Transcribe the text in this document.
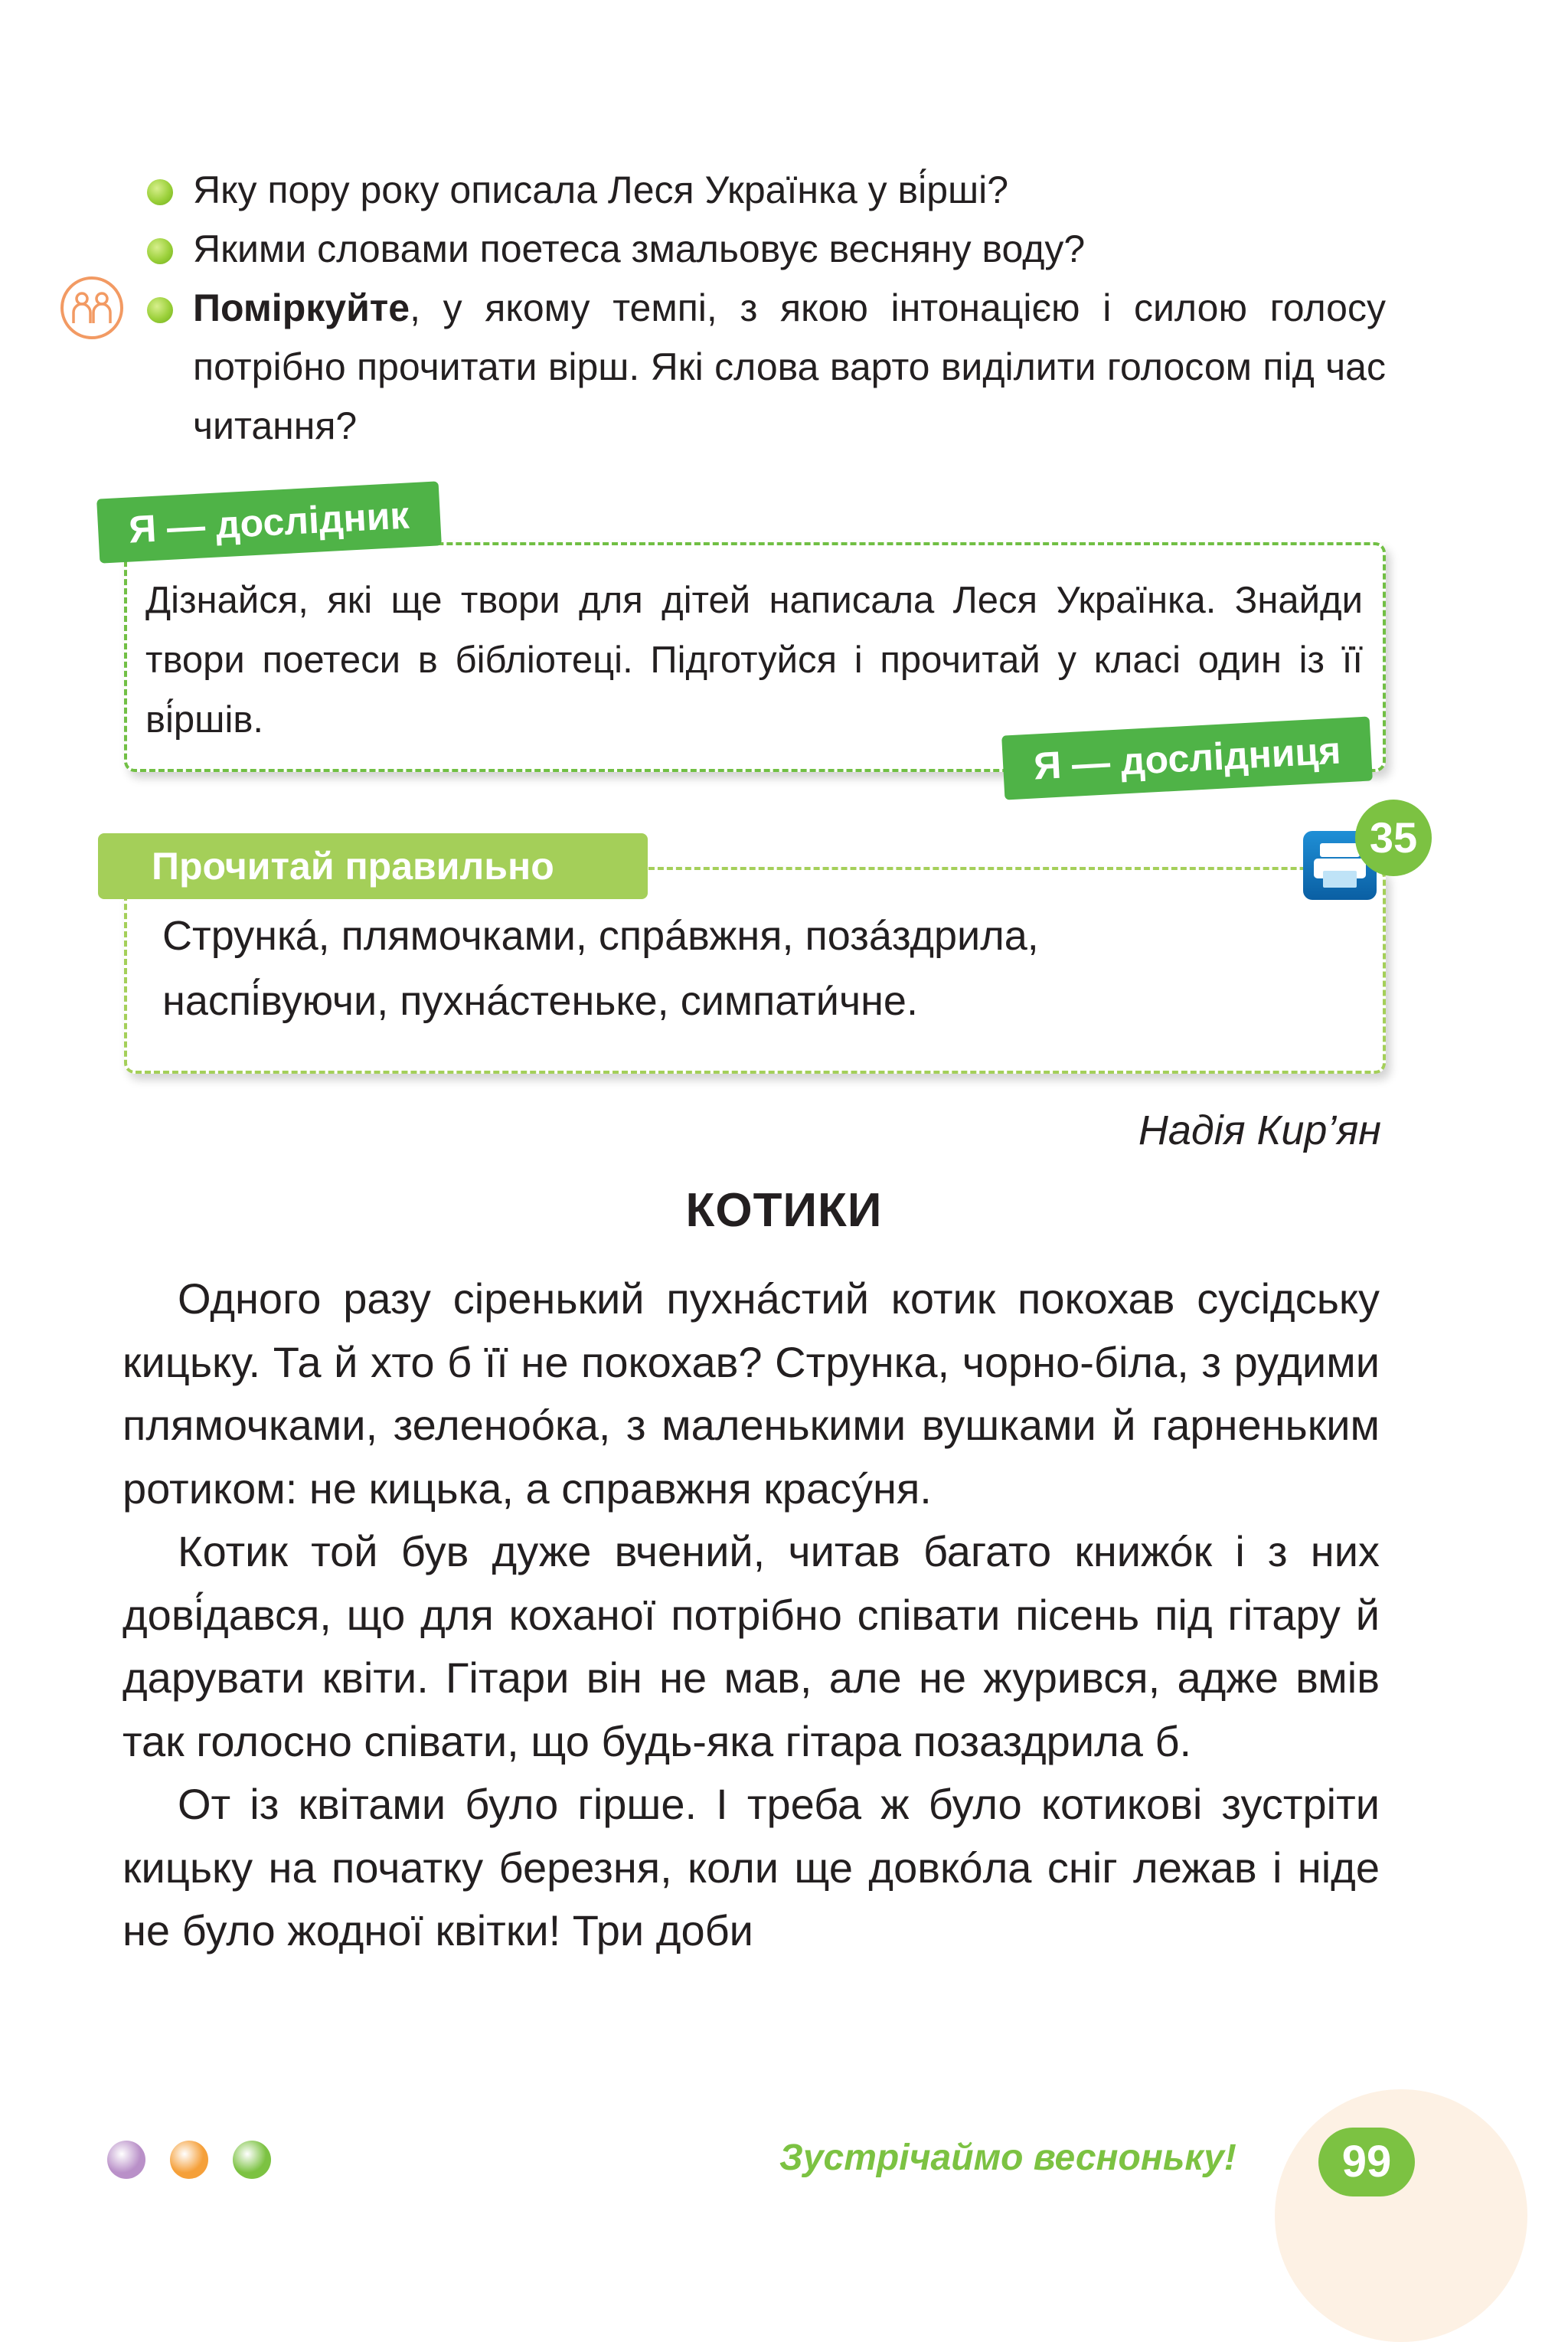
Яку пору року описала Леся Українка у ві́рші?
Якими словами поетеса змальовує весняну воду?
Поміркуйте, у якому темпі, з якою інтонацією і силою голосу потрібно прочитати вірш. Які слова варто виділити голосом під час читання?
Я — дослідник
Дізнайся, які ще твори для дітей написала Леся Українка. Знайди твори поетеси в бібліотеці. Підготуйся і прочитай у класі один із її ві́ршів.
Я — дослідниця
Прочитай правильно
Стрункá, плямочками, спрáвжня, позáздрила,
наспі́вуючи, пухнáстеньке, симпати́чне.
35
Надія Кир’ян
КОТИКИ

Одного разу сіренький пухнáстий котик покохав сусідську кицьку. Та й хто б її не покохав? Струнка, чорно-біла, з рудими плямочками, зеленоóка, з маленькими вушками й гарненьким ротиком: не кицька, а справжня красýня.

Котик той був дуже вчений, читав багато книжóк і з них дові́дався, що для коханої потрібно співати пісень під гітару й дарувати квіти. Гітари він не мав, але не журився, адже вмів так голосно співати, що будь-яка гітара позаздрила б.

От із квітами було гірше. І треба ж було котикові зустріти кицьку на початку березня, коли ще довкóла сніг лежав і ніде не було жодної квітки! Три доби

Зустрічаймо весноньку!	99
